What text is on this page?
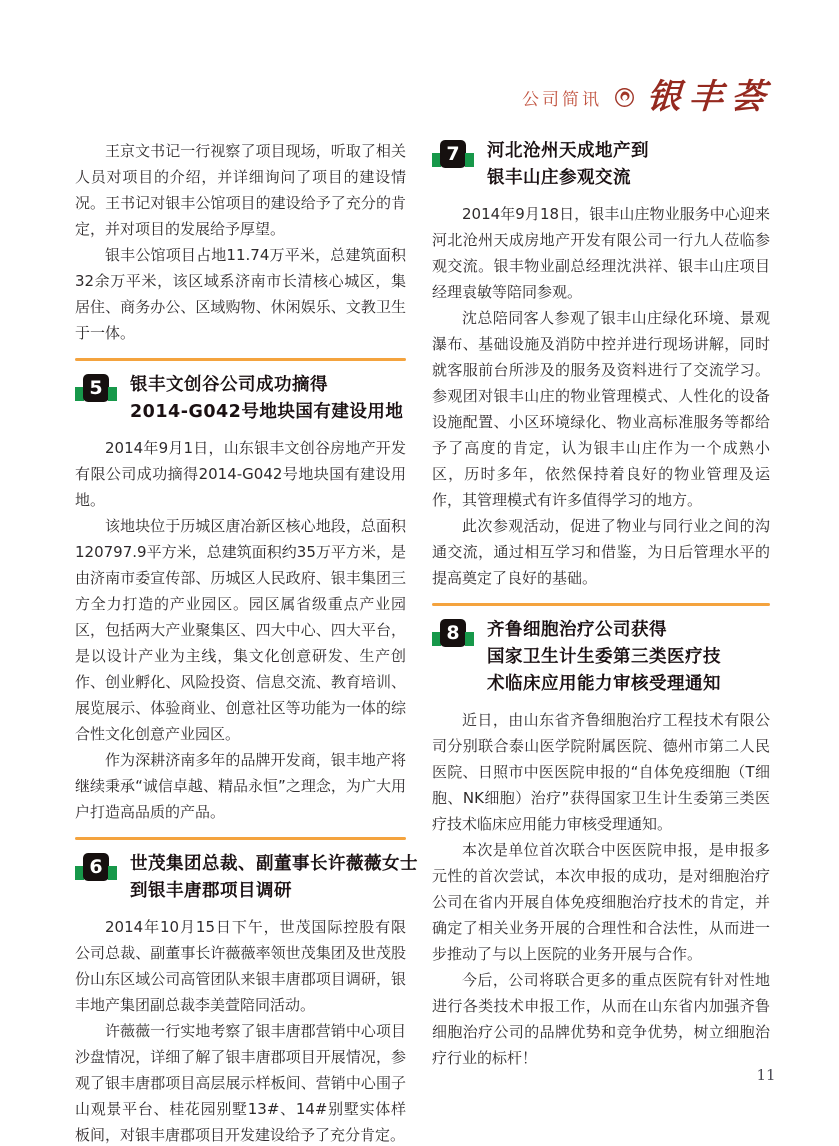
公司简讯 银丰荟

王京文书记一行视察了项目现场，听取了相关人员对项目的介绍，并详细询问了项目的建设情况。王书记对银丰公馆项目的建设给予了充分的肯定，并对项目的发展给予厚望。

银丰公馆项目占地11.74万平米，总建筑面积32余万平米，该区域系济南市长清核心城区，集居住、商务办公、区域购物、休闲娱乐、文教卫生于一体。

5	银丰文创谷公司成功摘得
2014-G042号地块国有建设用地

2014年9月1日，山东银丰文创谷房地产开发有限公司成功摘得2014-G042号地块国有建设用地。

该地块位于历城区唐冶新区核心地段，总面积120797.9平方米，总建筑面积约35万平方米，是由济南市委宣传部、历城区人民政府、银丰集团三方全力打造的产业园区。园区属省级重点产业园区，包括两大产业聚集区、四大中心、四大平台，是以设计产业为主线，集文化创意研发、生产创作、创业孵化、风险投资、信息交流、教育培训、展览展示、体验商业、创意社区等功能为一体的综合性文化创意产业园区。

作为深耕济南多年的品牌开发商，银丰地产将继续秉承“诚信卓越、精品永恒”之理念，为广大用户打造高品质的产品。

6	世茂集团总裁、副董事长许薇薇女士
到银丰唐郡项目调研

2014年10月15日下午，世茂国际控股有限公司总裁、副董事长许薇薇率领世茂集团及世茂股份山东区域公司高管团队来银丰唐郡项目调研，银丰地产集团副总裁李美萱陪同活动。

许薇薇一行实地考察了银丰唐郡营销中心项目沙盘情况，详细了解了银丰唐郡项目开展情况，参观了银丰唐郡项目高层展示样板间、营销中心围子山观景平台、桂花园别墅13#、14#别墅实体样板间，对银丰唐郡项目开发建设给予了充分肯定。

7	河北沧州天成地产到
银丰山庄参观交流

2014年9月18日，银丰山庄物业服务中心迎来河北沧州天成房地产开发有限公司一行九人莅临参观交流。银丰物业副总经理沈洪祥、银丰山庄项目经理袁敏等陪同参观。

沈总陪同客人参观了银丰山庄绿化环境、景观瀑布、基础设施及消防中控并进行现场讲解，同时就客服前台所涉及的服务及资料进行了交流学习。参观团对银丰山庄的物业管理模式、人性化的设备设施配置、小区环境绿化、物业高标准服务等都给予了高度的肯定，认为银丰山庄作为一个成熟小区，历时多年，依然保持着良好的物业管理及运作，其管理模式有许多值得学习的地方。

此次参观活动，促进了物业与同行业之间的沟通交流，通过相互学习和借鉴，为日后管理水平的提高奠定了良好的基础。

8	齐鲁细胞治疗公司获得
国家卫生计生委第三类医疗技
术临床应用能力审核受理通知

近日，由山东省齐鲁细胞治疗工程技术有限公司分别联合泰山医学院附属医院、德州市第二人民医院、日照市中医医院申报的“自体免疫细胞（T细胞、NK细胞）治疗”获得国家卫生计生委第三类医疗技术临床应用能力审核受理通知。

本次是单位首次联合中医医院申报，是申报多元性的首次尝试，本次申报的成功，是对细胞治疗公司在省内开展自体免疫细胞治疗技术的肯定，并确定了相关业务开展的合理性和合法性，从而进一步推动了与以上医院的业务开展与合作。

今后，公司将联合更多的重点医院有针对性地进行各类技术申报工作，从而在山东省内加强齐鲁细胞治疗公司的品牌优势和竞争优势，树立细胞治疗行业的标杆！

11
